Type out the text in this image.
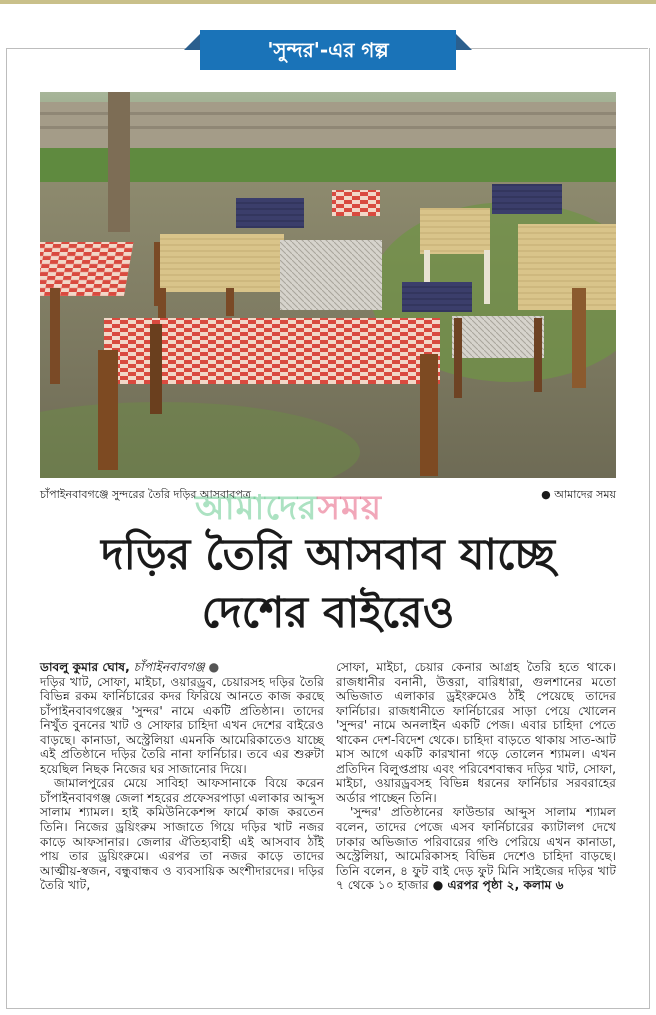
'সুন্দর'-এর গল্প
চাঁপাইনবাবগঞ্জে সুন্দরের তৈরি দড়ির আসবাবপত্র	● আমাদের সময়
আমাদেরসময়
দড়ির তৈরি আসবাব যাচ্ছে
দেশের বাইরেও

ডাবলু কুমার ঘোষ, চাঁপাইনবাবগঞ্জ ●

দড়ির খাট, সোফা, মাইচা, ওয়ারড্রব, চেয়ারসহ দড়ির তৈরি বিভিন্ন রকম ফার্নিচারের কদর ফিরিয়ে আনতে কাজ করছে চাঁপাইনবাবগঞ্জের 'সুন্দর' নামে একটি প্রতিষ্ঠান। তাদের নিখুঁত বুননের খাট ও সোফার চাহিদা এখন দেশের বাইরেও বাড়ছে। কানাডা, অস্ট্রেলিয়া এমনকি আমেরিকাতেও যাচ্ছে এই প্রতিষ্ঠানে দড়ির তৈরি নানা ফার্নিচার। তবে এর শুরুটা হয়েছিল নিছক নিজের ঘর সাজানোর দিয়ে।

জামালপুরের মেয়ে সাবিহা আফসানাকে বিয়ে করেন চাঁপাইনবাবগঞ্জ জেলা শহরের প্রফেসরপাড়া এলাকার আব্দুস সালাম শ্যামল। হাই কমিউনিকেশন্স ফার্মে কাজ করতেন তিনি। নিজের ড্রয়িংরুম সাজাতে গিয়ে দড়ির খাট নজর কাড়ে আফসানার। জেলার ঐতিহ্যবাহী এই আসবাব ঠাঁই পায় তার ড্রয়িংরুমে। এরপর তা নজর কাড়ে তাদের আত্মীয়-স্বজন, বন্ধুবান্ধব ও ব্যবসায়িক অংশীদারদের। দড়ির তৈরি খাট,

সোফা, মাইচা, চেয়ার কেনার আগ্রহ তৈরি হতে থাকে। রাজধানীর বনানী, উত্তরা, বারিধারা, গুলশানের মতো অভিজাত এলাকার ড্রইংরুমেও ঠাঁই পেয়েছে তাদের ফার্নিচার। রাজধানীতে ফার্নিচারের সাড়া পেয়ে খোলেন 'সুন্দর' নামে অনলাইন একটি পেজ। এবার চাহিদা পেতে থাকেন দেশ-বিদেশ থেকে। চাহিদা বাড়তে থাকায় সাত-আট মাস আগে একটি কারখানা গড়ে তোলেন শ্যামল। এখন প্রতিদিন বিলুপ্তপ্রায় এবং পরিবেশবান্ধব দড়ির খাট, সোফা, মাইচা, ওয়ারড্রবসহ বিভিন্ন ধরনের ফার্নিচার সরবরাহের অর্ডার পাচ্ছেন তিনি।

'সুন্দর' প্রতিষ্ঠানের ফাউন্ডার আব্দুস সালাম শ্যামল বলেন, তাদের পেজে এসব ফার্নিচারের ক্যাটালগ দেখে ঢাকার অভিজাত পরিবারের গণ্ডি পেরিয়ে এখন কানাডা, অস্ট্রেলিয়া, আমেরিকাসহ বিভিন্ন দেশেও চাহিদা বাড়ছে। তিনি বলেন, ৪ ফুট বাই দেড় ফুট মিনি সাইজের দড়ির খাট ৭ থেকে ১০ হাজার ● এরপর পৃষ্ঠা ২, কলাম ৬
